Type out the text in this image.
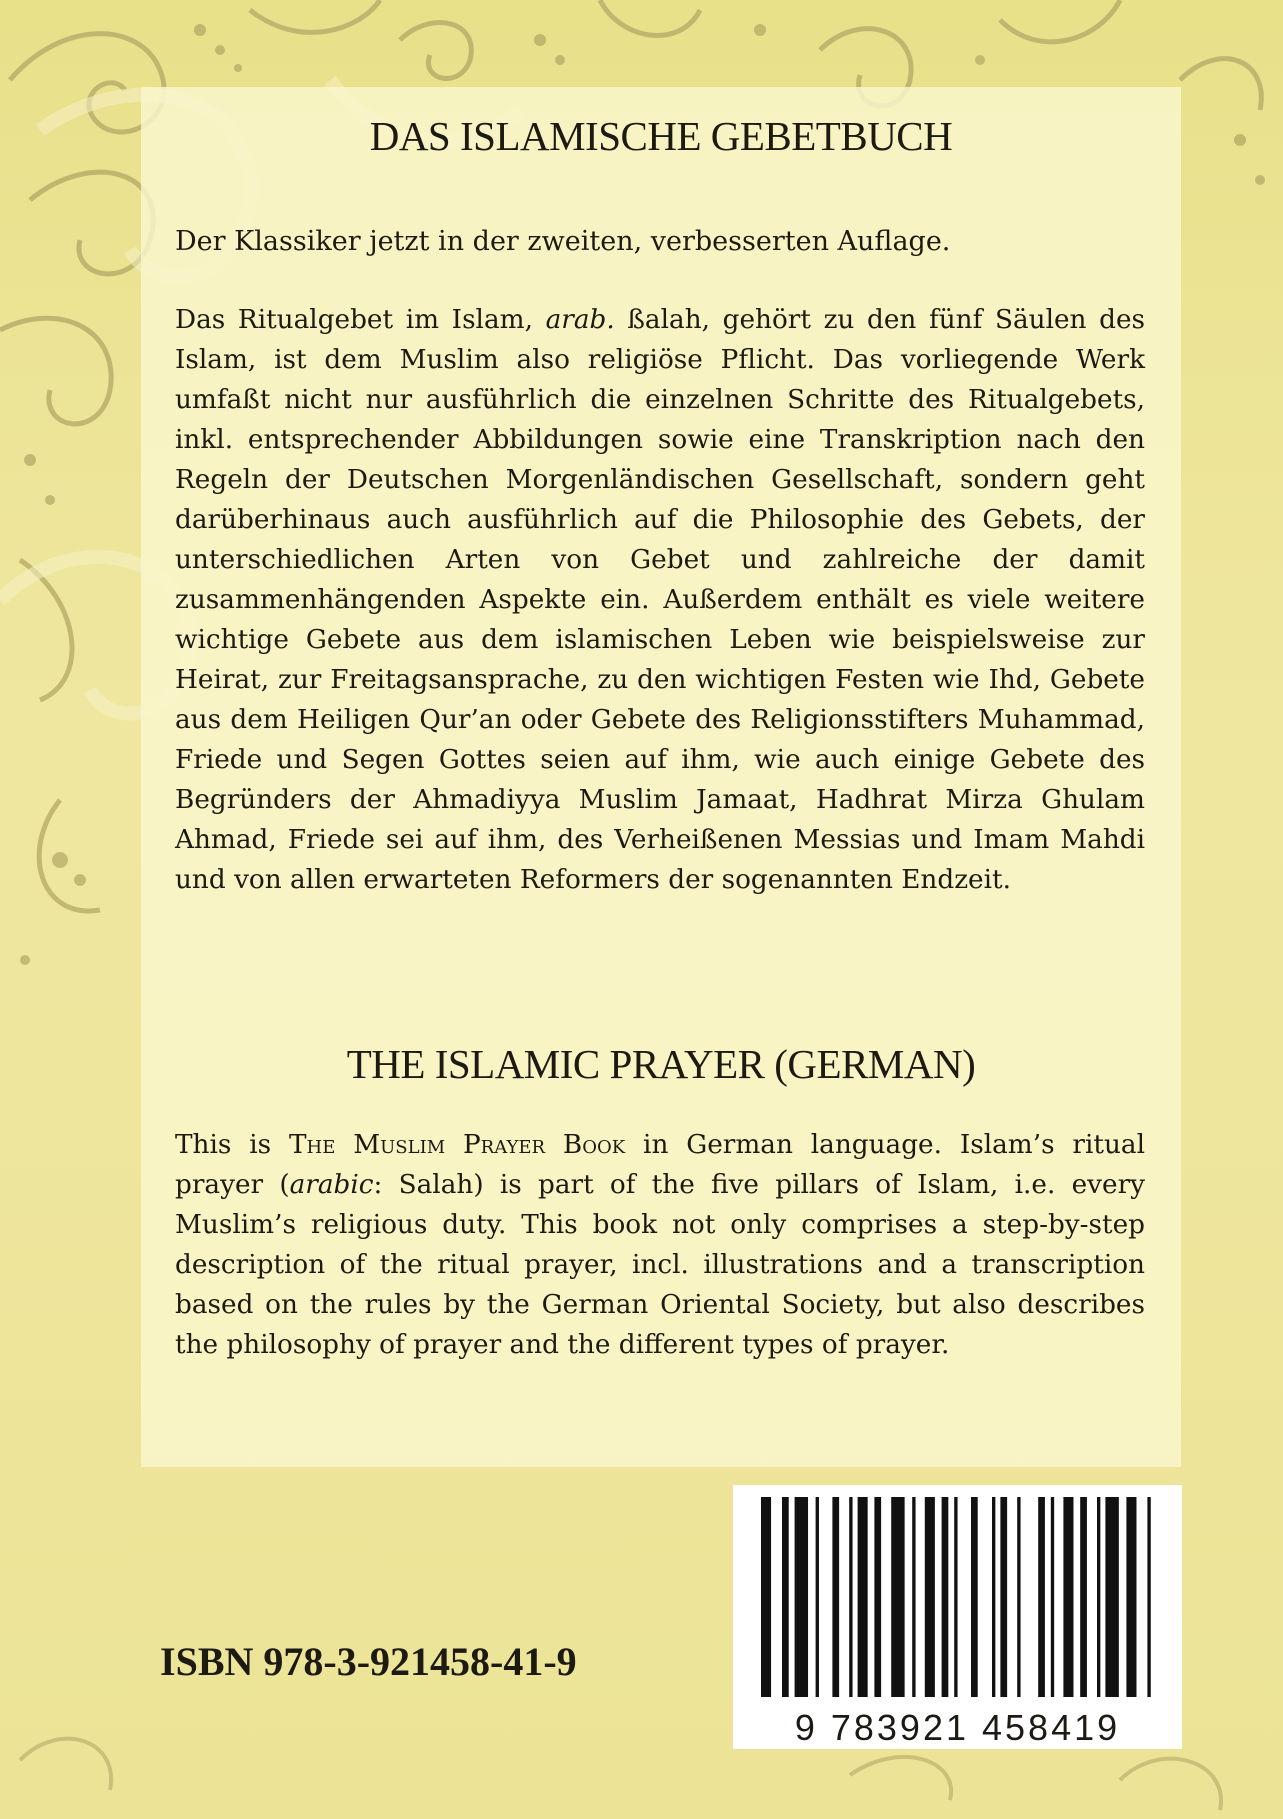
DAS ISLAMISCHE GEBETBUCH
Der Klassiker jetzt in der zweiten, verbesserten Auflage.
Das Ritualgebet im Islam, arab. ßalah, gehört zu den fünf Säulen des Islam, ist dem Muslim also religiöse Pflicht. Das vorliegende Werk umfaßt nicht nur ausführlich die einzelnen Schritte des Ritualgebets, inkl. entsprechender Abbildungen sowie eine Transkription nach den Regeln der Deutschen Morgenländischen Gesellschaft, sondern geht darüberhinaus auch ausführlich auf die Philosophie des Gebets, der unterschiedlichen Arten von Gebet und zahlreiche der damit zusammenhängenden Aspekte ein. Außerdem enthält es viele weitere wichtige Gebete aus dem islamischen Leben wie beispielsweise zur Heirat, zur Freitagsansprache, zu den wichtigen Festen wie Ihd, Gebete aus dem Heiligen Qur’an oder Gebete des Religionsstifters Muhammad, Friede und Segen Gottes seien auf ihm, wie auch einige Gebete des Begründers der Ahmadiyya Muslim Jamaat, Hadhrat Mirza Ghulam Ahmad, Friede sei auf ihm, des Verheißenen Messias und Imam Mahdi und von allen erwarteten Reformers der sogenannten Endzeit.
THE ISLAMIC PRAYER (GERMAN)
This is The Muslim Prayer Book in German language. Islam’s ritual prayer (arabic: Salah) is part of the five pillars of Islam, i.e. every Muslim’s religious duty. This book not only comprises a step-by-step description of the ritual prayer, incl. illustrations and a transcription based on the rules by the German Oriental Society, but also describes the philosophy of prayer and the different types of prayer.
ISBN 978-3-921458-41-9
9 783921 458419
